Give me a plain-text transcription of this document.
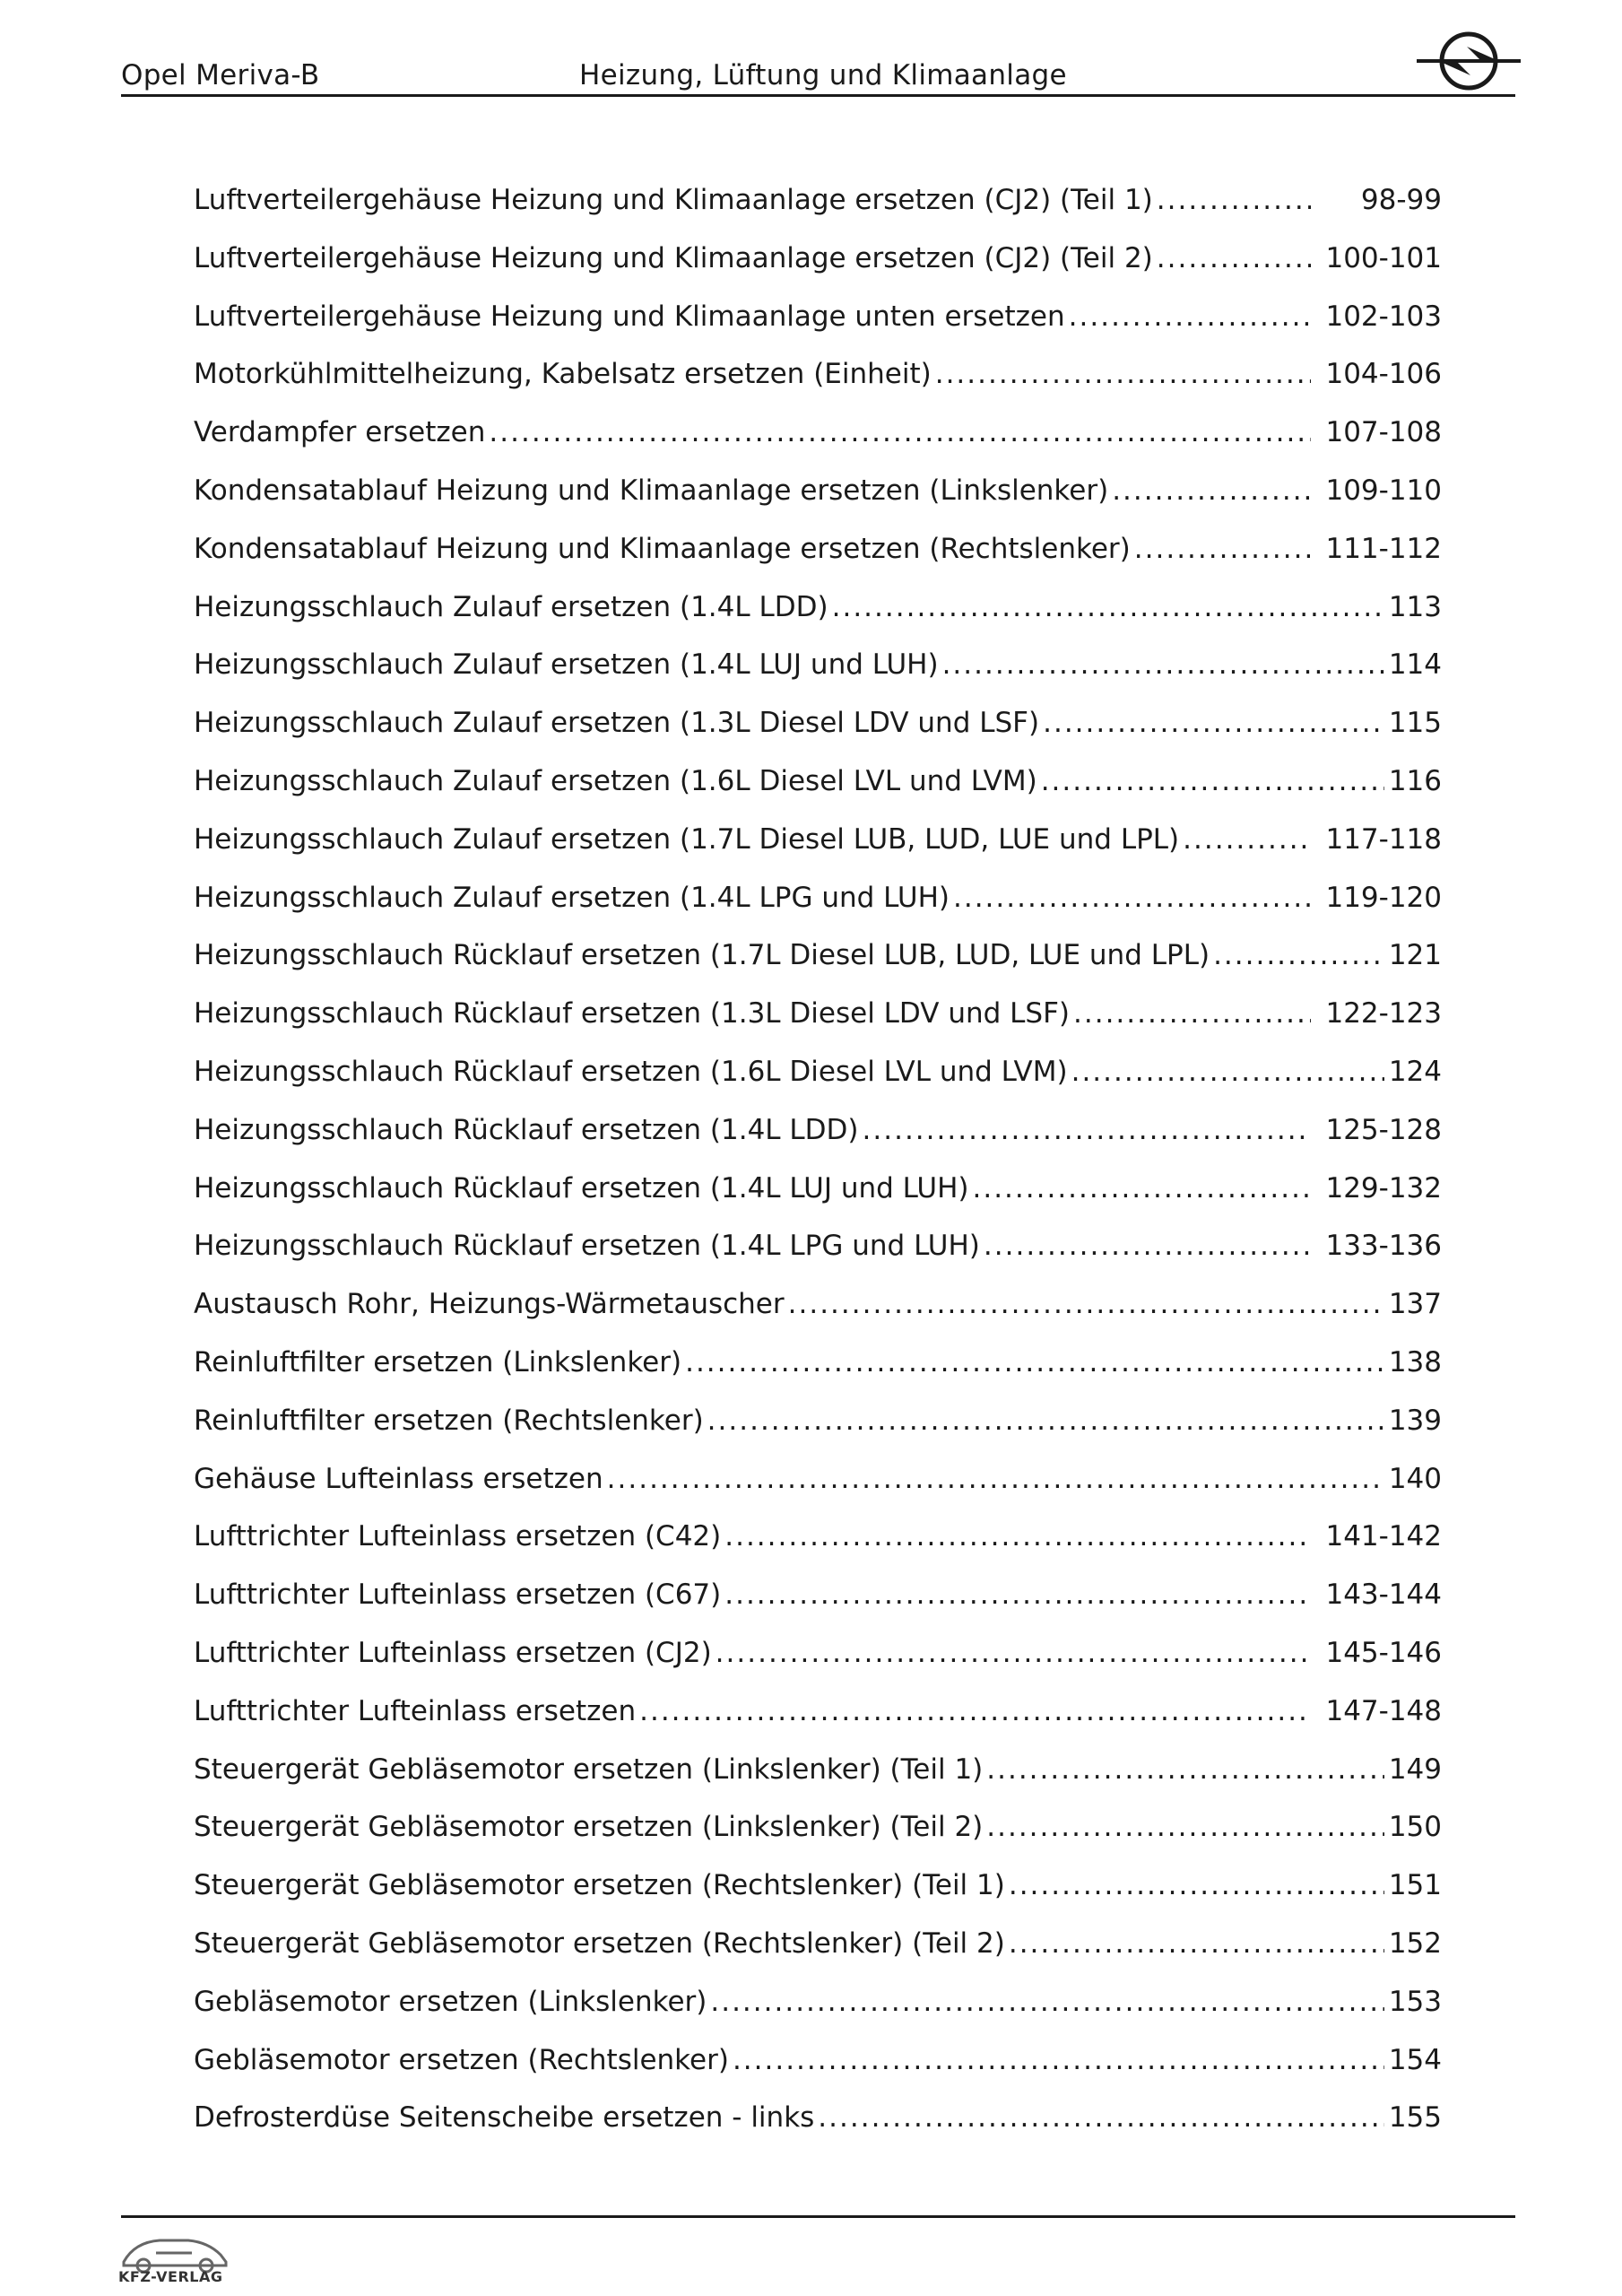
Opel Meriva-B	Heizung, Lüftung und Klimaanlage
Luftverteilergehäuse Heizung und Klimaanlage ersetzen (CJ2) (Teil 1) .....	98-99
Luftverteilergehäuse Heizung und Klimaanlage ersetzen (CJ2) (Teil 2) .....	100-101
Luftverteilergehäuse Heizung und Klimaanlage unten ersetzen .....	102-103
Motorkühlmittelheizung, Kabelsatz ersetzen (Einheit) .....	104-106
Verdampfer ersetzen .....	107-108
Kondensatablauf Heizung und Klimaanlage ersetzen (Linkslenker) .....	109-110
Kondensatablauf Heizung und Klimaanlage ersetzen (Rechtslenker) .....	111-112
Heizungsschlauch Zulauf ersetzen (1.4L LDD) .....	113
Heizungsschlauch Zulauf ersetzen (1.4L LUJ und LUH) .....	114
Heizungsschlauch Zulauf ersetzen (1.3L Diesel LDV und LSF) .....	115
Heizungsschlauch Zulauf ersetzen (1.6L Diesel LVL und LVM) .....	116
Heizungsschlauch Zulauf ersetzen (1.7L Diesel LUB, LUD, LUE und LPL) .....	117-118
Heizungsschlauch Zulauf ersetzen (1.4L LPG und LUH) .....	119-120
Heizungsschlauch Rücklauf ersetzen (1.7L Diesel LUB, LUD, LUE und LPL) .....	121
Heizungsschlauch Rücklauf ersetzen (1.3L Diesel LDV und LSF) .....	122-123
Heizungsschlauch Rücklauf ersetzen (1.6L Diesel LVL und LVM) .....	124
Heizungsschlauch Rücklauf ersetzen (1.4L LDD) .....	125-128
Heizungsschlauch Rücklauf ersetzen (1.4L LUJ und LUH) .....	129-132
Heizungsschlauch Rücklauf ersetzen (1.4L LPG und LUH) .....	133-136
Austausch Rohr, Heizungs-Wärmetauscher .....	137
Reinluftfilter ersetzen (Linkslenker) .....	138
Reinluftfilter ersetzen (Rechtslenker) .....	139
Gehäuse Lufteinlass ersetzen .....	140
Lufttrichter Lufteinlass ersetzen (C42) .....	141-142
Lufttrichter Lufteinlass ersetzen (C67) .....	143-144
Lufttrichter Lufteinlass ersetzen (CJ2) .....	145-146
Lufttrichter Lufteinlass ersetzen .....	147-148
Steuergerät Gebläsemotor ersetzen (Linkslenker) (Teil 1) .....	149
Steuergerät Gebläsemotor ersetzen (Linkslenker) (Teil 2) .....	150
Steuergerät Gebläsemotor ersetzen (Rechtslenker) (Teil 1) .....	151
Steuergerät Gebläsemotor ersetzen (Rechtslenker) (Teil 2) .....	152
Gebläsemotor ersetzen (Linkslenker) .....	153
Gebläsemotor ersetzen (Rechtslenker) .....	154
Defrosterdüse Seitenscheibe ersetzen - links .....	155
KFZ-VERLAG
